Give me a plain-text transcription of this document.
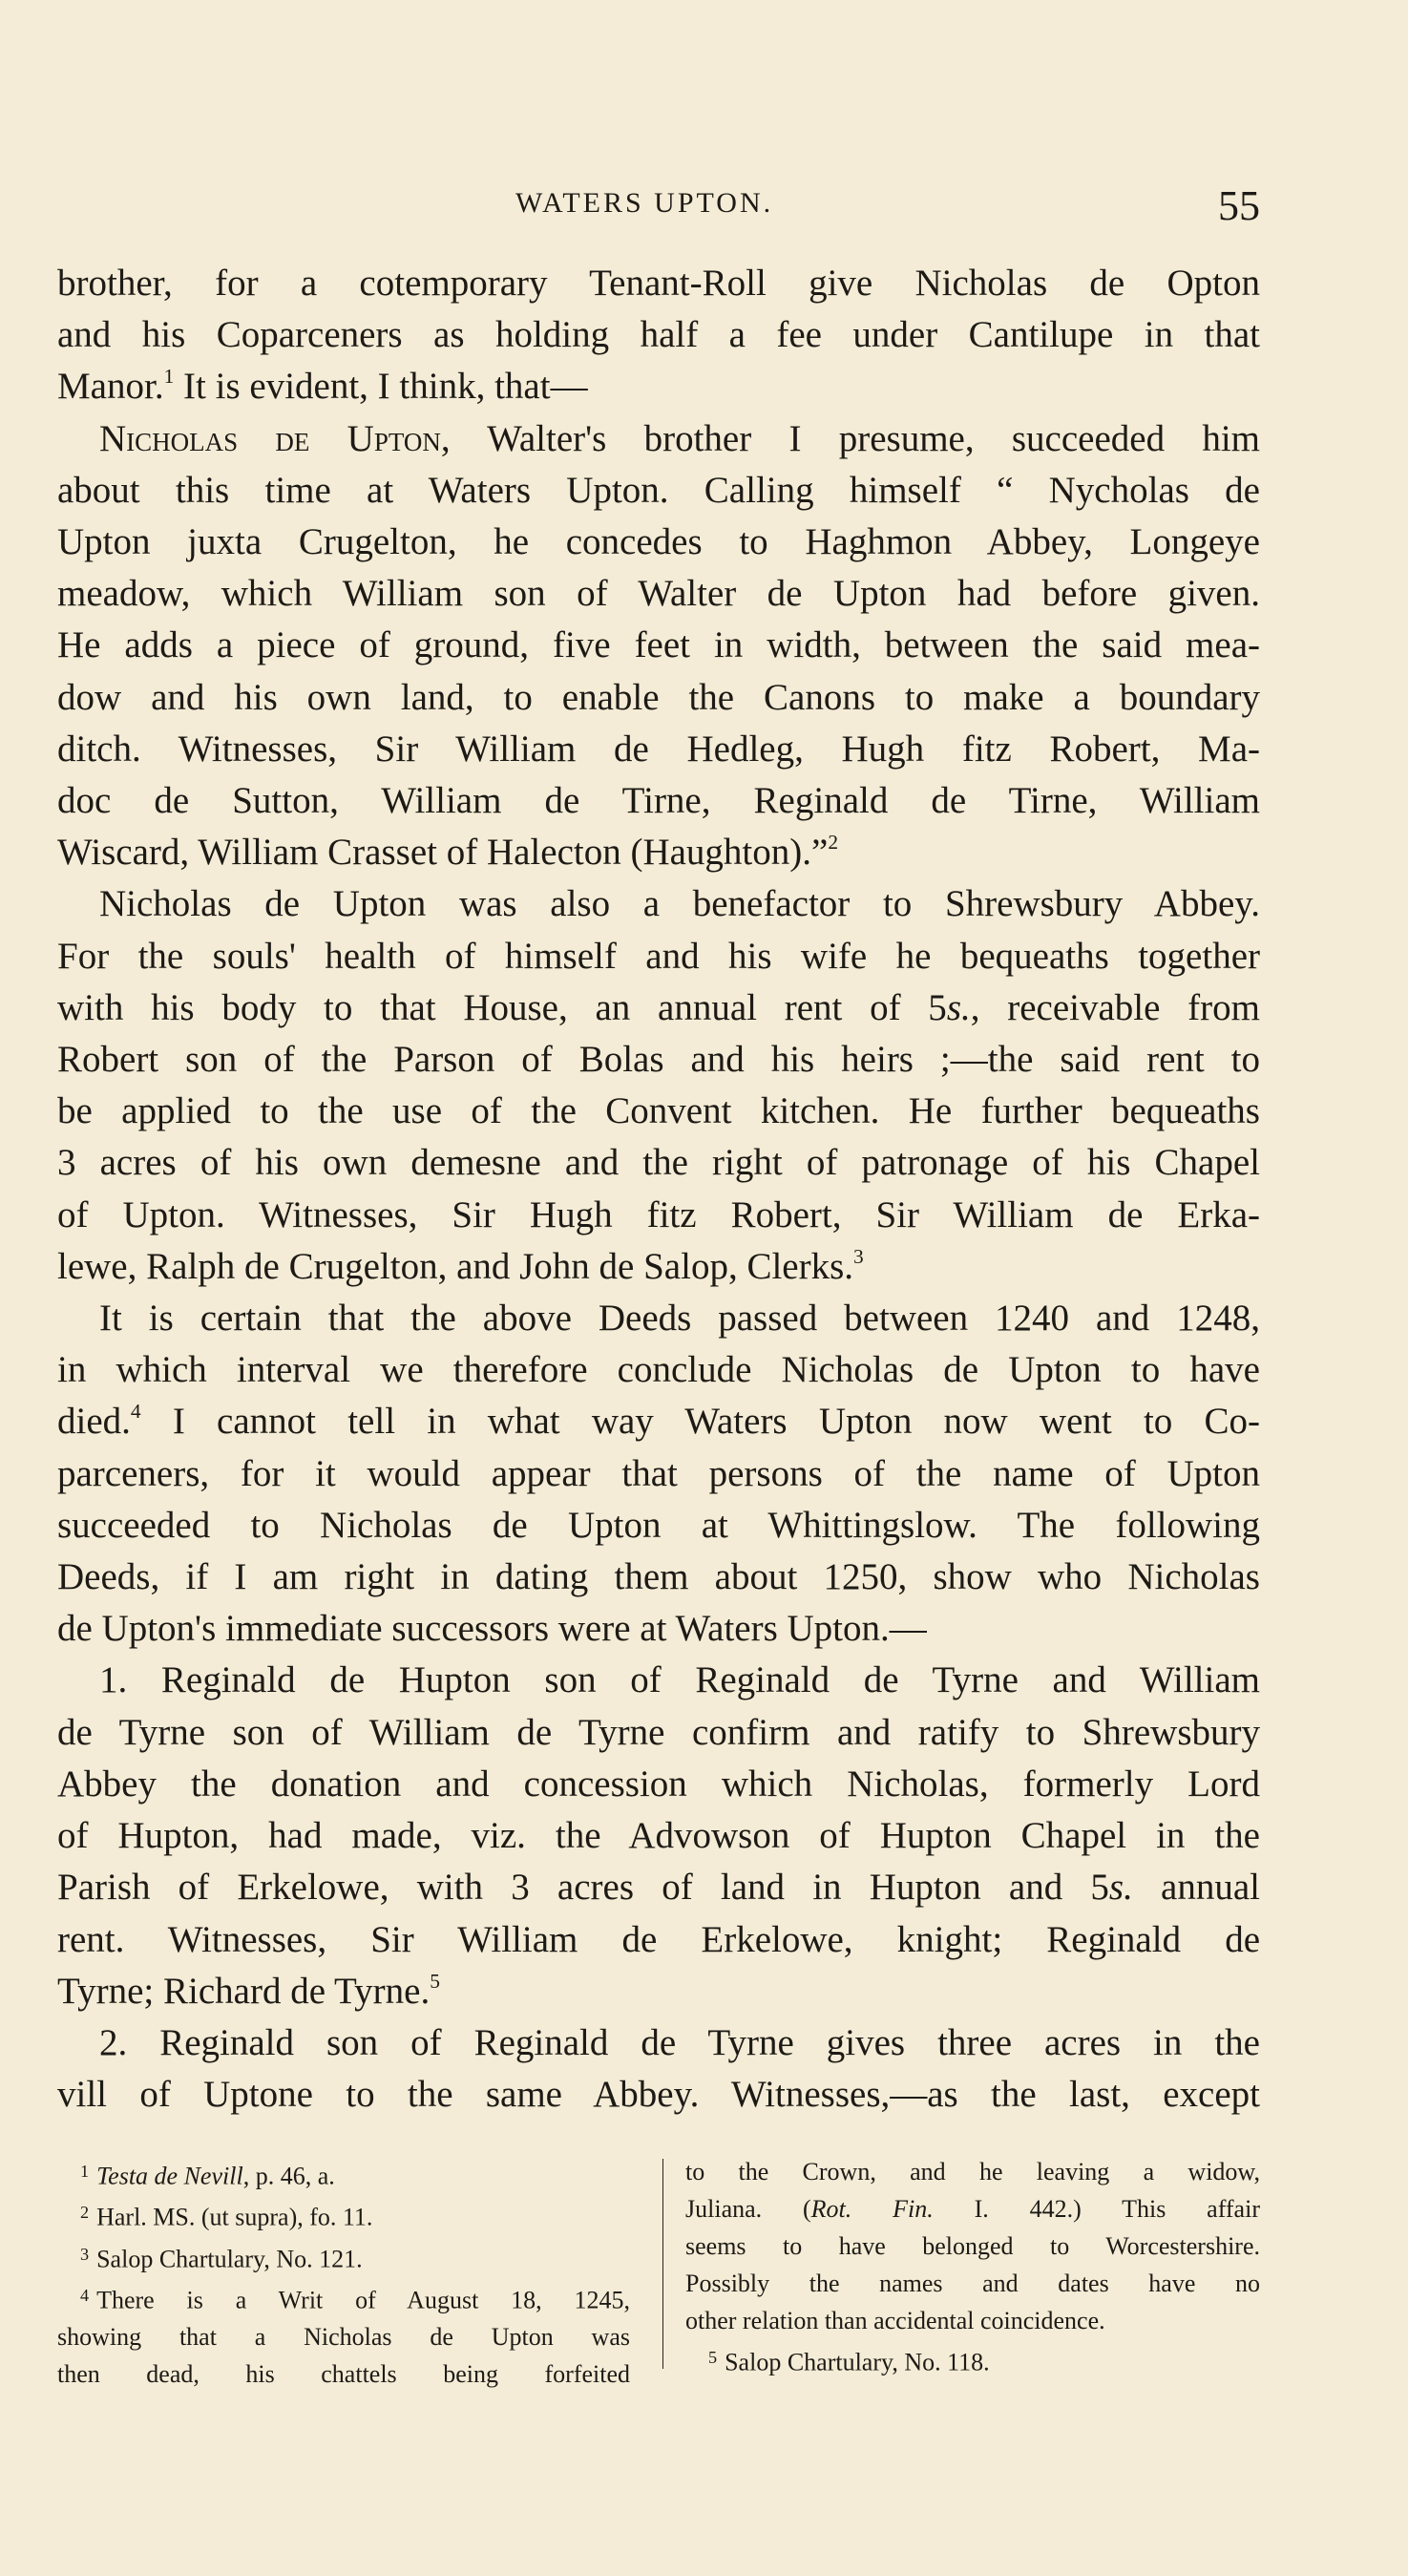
WATERS UPTON.	55

brother, for a cotemporary Tenant-Roll give Nicholas de Opton

and his Coparceners as holding half a fee under Cantilupe in that

Manor.$^1$ It is evident, I think, that—

Nicholas de Upton, Walter's brother I presume, succeeded him

about this time at Waters Upton. Calling himself “ Nycholas de

Upton juxta Crugelton, he concedes to Haghmon Abbey, Longeye

meadow, which William son of Walter de Upton had before given.

He adds a piece of ground, five feet in width, between the said mea-

dow and his own land, to enable the Canons to make a boundary

ditch. Witnesses, Sir William de Hedleg, Hugh fitz Robert, Ma-

doc de Sutton, William de Tirne, Reginald de Tirne, William

Wiscard, William Crasset of Halecton (Haughton).”$^2$

Nicholas de Upton was also a benefactor to Shrewsbury Abbey.

For the souls' health of himself and his wife he bequeaths together

with his body to that House, an annual rent of 5s., receivable from

Robert son of the Parson of Bolas and his heirs ;—the said rent to

be applied to the use of the Convent kitchen. He further bequeaths

3 acres of his own demesne and the right of patronage of his Chapel

of Upton. Witnesses, Sir Hugh fitz Robert, Sir William de Erka-

lewe, Ralph de Crugelton, and John de Salop, Clerks.$^3$

It is certain that the above Deeds passed between 1240 and 1248,

in which interval we therefore conclude Nicholas de Upton to have

died.$^4$ I cannot tell in what way Waters Upton now went to Co-

parceners, for it would appear that persons of the name of Upton

succeeded to Nicholas de Upton at Whittingslow. The following

Deeds, if I am right in dating them about 1250, show who Nicholas

de Upton's immediate successors were at Waters Upton.—

1. Reginald de Hupton son of Reginald de Tyrne and William

de Tyrne son of William de Tyrne confirm and ratify to Shrewsbury

Abbey the donation and concession which Nicholas, formerly Lord

of Hupton, had made, viz. the Advowson of Hupton Chapel in the

Parish of Erkelowe, with 3 acres of land in Hupton and 5s. annual

rent. Witnesses, Sir William de Erkelowe, knight; Reginald de

Tyrne; Richard de Tyrne.$^5$

2. Reginald son of Reginald de Tyrne gives three acres in the

vill of Uptone to the same Abbey. Witnesses,—as the last, except

$^1$ Testa de Nevill, p. 46, a.

$^2$ Harl. MS. (ut supra), fo. 11.

$^3$ Salop Chartulary, No. 121.

$^4$ There is a Writ of August 18, 1245,

showing that a Nicholas de Upton was

then dead, his chattels being forfeited

to the Crown, and he leaving a widow,

Juliana. (Rot. Fin. I. 442.) This affair

seems to have belonged to Worcestershire.

Possibly the names and dates have no

other relation than accidental coincidence.

$^5$ Salop Chartulary, No. 118.
